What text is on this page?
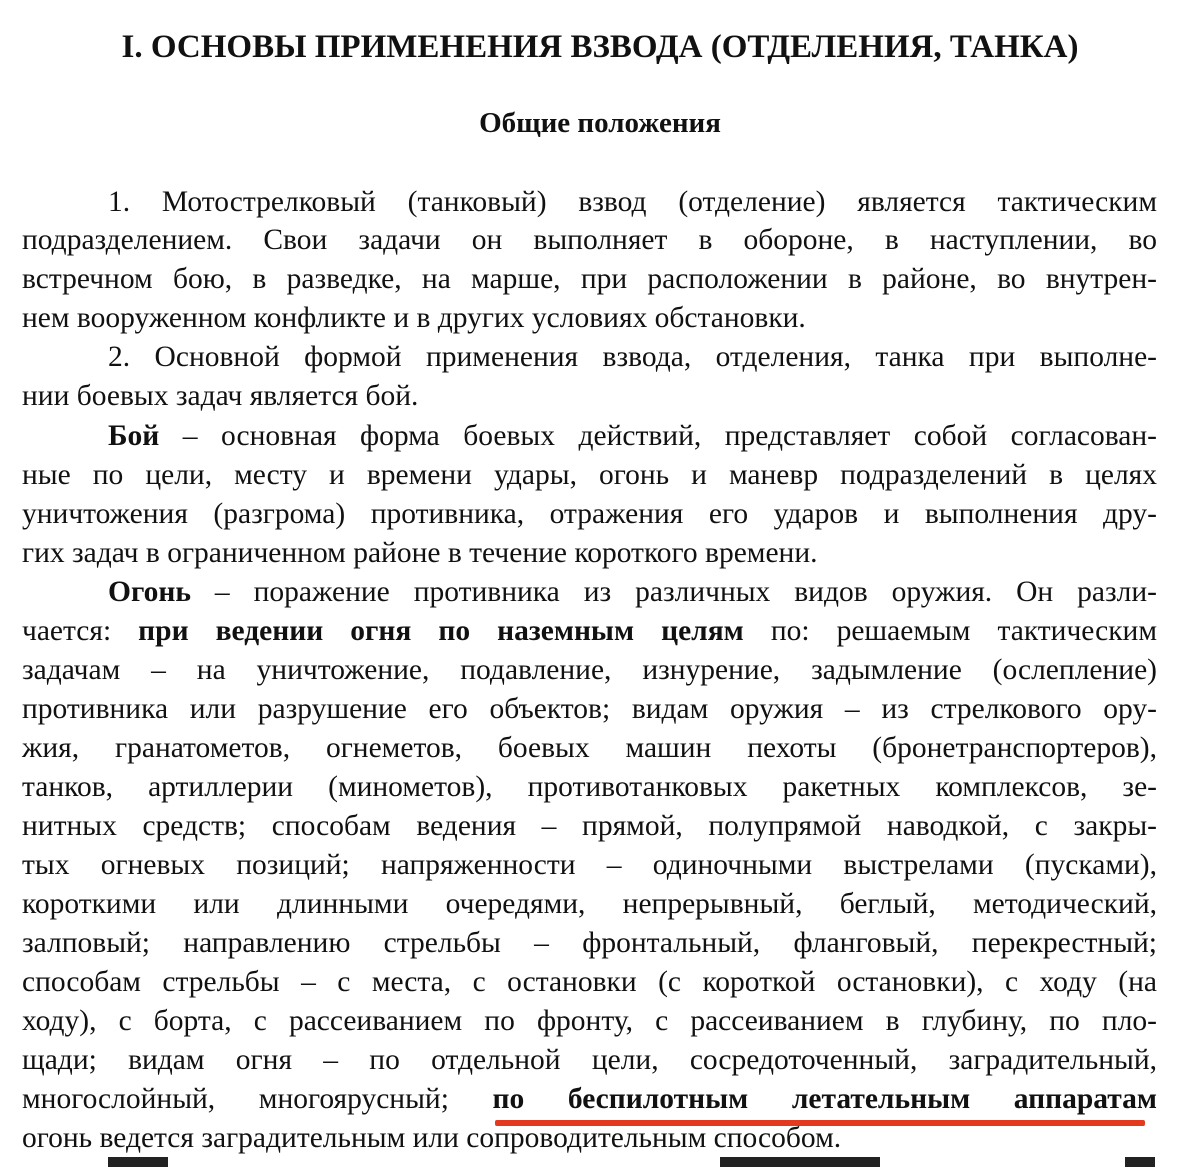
I. ОСНОВЫ ПРИМЕНЕНИЯ ВЗВОДА (ОТДЕЛЕНИЯ, ТАНКА)
Общие положения
1. Мотострелковый (танковый) взвод (отделение) является тактическим
подразделением. Свои задачи он выполняет в обороне, в наступлении, во
встречном бою, в разведке, на марше, при расположении в районе, во внутрен-
нем вооруженном конфликте и в других условиях обстановки.
2. Основной формой применения взвода, отделения, танка при выполне-
нии боевых задач является бой.
Бой – основная форма боевых действий, представляет собой согласован-
ные по цели, месту и времени удары, огонь и маневр подразделений в целях
уничтожения (разгрома) противника, отражения его ударов и выполнения дру-
гих задач в ограниченном районе в течение короткого времени.
Огонь – поражение противника из различных видов оружия. Он разли-
чается: при ведении огня по наземным целям по: решаемым тактическим
задачам – на уничтожение, подавление, изнурение, задымление (ослепление)
противника или разрушение его объектов; видам оружия – из стрелкового ору-
жия, гранатометов, огнеметов, боевых машин пехоты (бронетранспортеров),
танков, артиллерии (минометов), противотанковых ракетных комплексов, зе-
нитных средств; способам ведения – прямой, полупрямой наводкой, с закры-
тых огневых позиций; напряженности – одиночными выстрелами (пусками),
короткими или длинными очередями, непрерывный, беглый, методический,
залповый; направлению стрельбы – фронтальный, фланговый, перекрестный;
способам стрельбы – с места, с остановки (с короткой остановки), с ходу (на
ходу), с борта, с рассеиванием по фронту, с рассеиванием в глубину, по пло-
щади; видам огня – по отдельной цели, сосредоточенный, заградительный,
многослойный, многоярусный; по беспилотным летательным аппаратам
огонь ведется заградительным или сопроводительным способом.
